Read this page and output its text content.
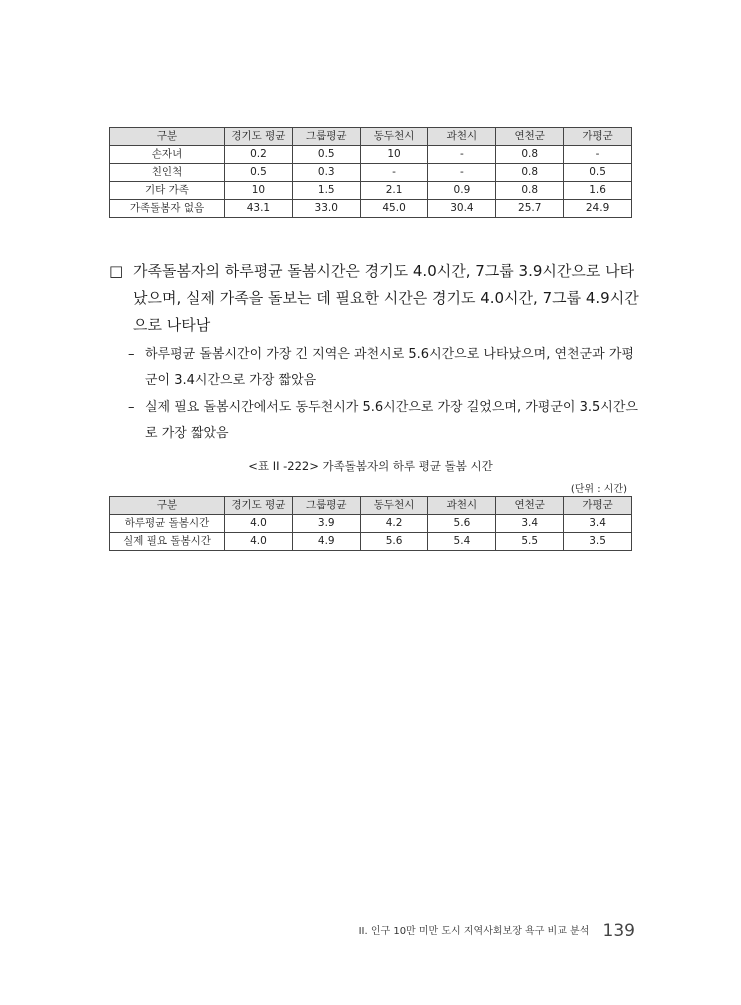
구분	경기도 평균	그룹평균	동두천시	과천시	연천군	가평군
손자녀	0.2	0.5	10	-	0.8	-
친인척	0.5	0.3	-	-	0.8	0.5
기타 가족	10	1.5	2.1	0.9	0.8	1.6
가족돌봄자 없음	43.1	33.0	45.0	30.4	25.7	24.9
□ 가족돌봄자의 하루평균 돌봄시간은 경기도 4.0시간, 7그룹 3.9시간으로 나타났으며, 실제 가족을 돌보는 데 필요한 시간은 경기도 4.0시간, 7그룹 4.9시간으로 나타남
– 하루평균 돌봄시간이 가장 긴 지역은 과천시로 5.6시간으로 나타났으며, 연천군과 가평군이 3.4시간으로 가장 짧았음
– 실제 필요 돌봄시간에서도 동두천시가 5.6시간으로 가장 길었으며, 가평군이 3.5시간으로 가장 짧았음
<표 II -222> 가족돌봄자의 하루 평균 돌봄 시간
(단위 : 시간)
구분	경기도 평균	그룹평균	동두천시	과천시	연천군	가평군
하루평균 돌봄시간	4.0	3.9	4.2	5.6	3.4	3.4
실제 필요 돌봄시간	4.0	4.9	5.6	5.4	5.5	3.5
II. 인구 10만 미만 도시 지역사회보장 욕구 비교 분석 139
